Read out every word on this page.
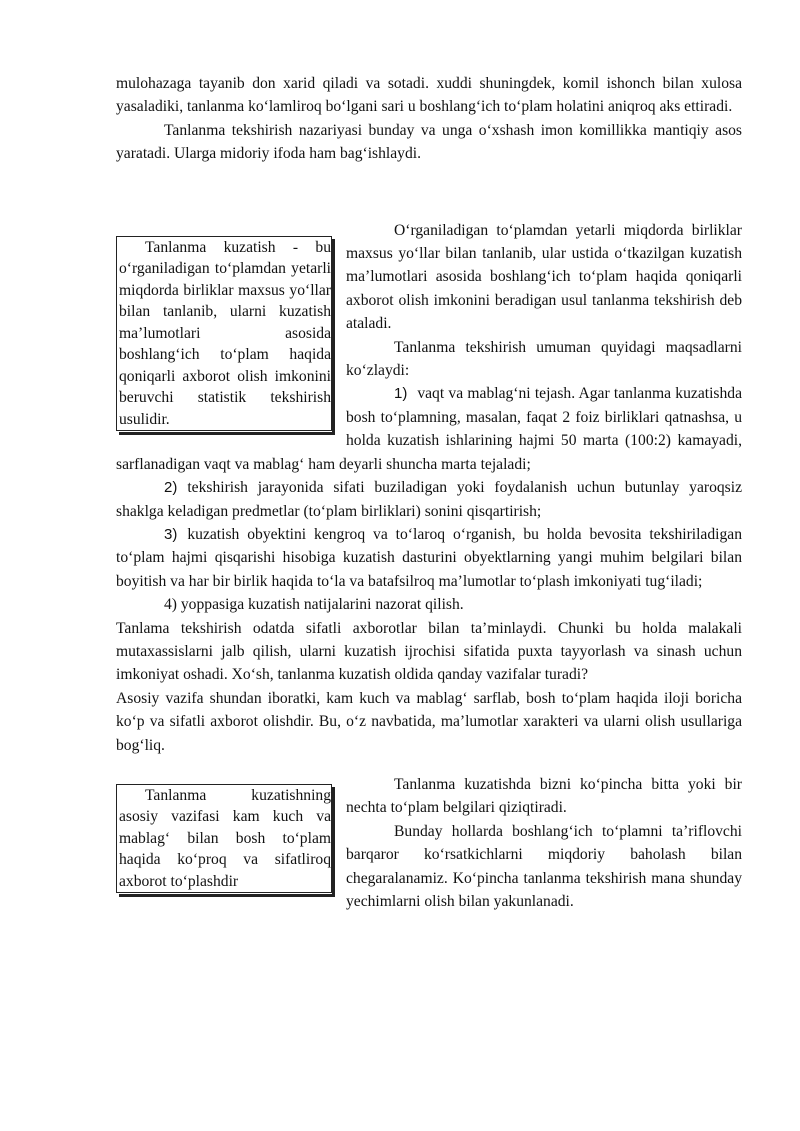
mulohazaga tayanib don xarid qiladi va sotadi. xuddi shuningdek, komil ishonch bilan xulosa yasaladiki, tanlanma koʻlamliroq boʻlgani sari u boshlangʻich toʻplam holatini aniqroq aks ettiradi.

Tanlanma tekshirish nazariyasi bunday va unga oʻxshash imon komillikka mantiqiy asos yaratadi. Ularga midoriy ifoda ham bagʻishlaydi.

Tanlanma kuzatish - bu oʻrganiladigan toʻplamdan yetarli miqdorda birliklar maxsus yoʻllar bilan tanlanib, ularni kuzatish maʼlumotlari asosida boshlangʻich toʻplam haqida qoniqarli axborot olish imkonini beruvchi statistik tekshirish usulidir.

Oʻrganiladigan toʻplamdan yetarli miqdorda birliklar maxsus yoʻllar bilan tanlanib, ular ustida oʻtkazilgan kuzatish maʼlumotlari asosida boshlangʻich toʻplam haqida qoniqarli axborot olish imkonini beradigan usul tanlanma tekshirish deb ataladi.

Tanlanma tekshirish umuman quyidagi maqsadlarni koʻzlaydi:

1) vaqt va mablagʻni tejash. Agar tanlanma kuzatishda bosh toʻplamning, masalan, faqat 2 foiz birliklari qatnashsa, u holda kuzatish ishlarining hajmi 50 marta (100:2) kamayadi, sarflanadigan vaqt va mablagʻ ham deyarli shuncha marta tejaladi;

2) tekshirish jarayonida sifati buziladigan yoki foydalanish uchun butunlay yaroqsiz shaklga keladigan predmetlar (toʻplam birliklari) sonini qisqartirish;

3) kuzatish obyektini kengroq va toʻlaroq oʻrganish, bu holda bevosita tekshiriladigan toʻplam hajmi qisqarishi hisobiga kuzatish dasturini obyektlarning yangi muhim belgilari bilan boyitish va har bir birlik haqida toʻla va batafsilroq maʼlumotlar toʻplash imkoniyati tugʻiladi;

4) yoppasiga kuzatish natijalarini nazorat qilish.

Tanlama tekshirish odatda sifatli axborotlar bilan taʼminlaydi. Chunki bu holda malakali mutaxassislarni jalb qilish, ularni kuzatish ijrochisi sifatida puxta tayyorlash va sinash uchun imkoniyat oshadi. Xoʻsh, tanlanma kuzatish oldida qanday vazifalar turadi?

Asosiy vazifa shundan iboratki, kam kuch va mablagʻ sarflab, bosh toʻplam haqida iloji boricha koʻp va sifatli axborot olishdir. Bu, oʻz navbatida, maʼlumotlar xarakteri va ularni olish usullariga bogʻliq.

Tanlanma kuzatishning asosiy vazifasi kam kuch va mablagʻ bilan bosh toʻplam haqida koʻproq va sifatliroq axborot toʻplashdir

Tanlanma kuzatishda bizni koʻpincha bitta yoki bir nechta toʻplam belgilari qiziqtiradi.

Bunday hollarda boshlangʻich toʻplamni taʼriflovchi barqaror koʻrsatkichlarni miqdoriy baholash bilan chegaralanamiz. Koʻpincha tanlanma tekshirish mana shunday yechimlarni olish bilan yakunlanadi.
